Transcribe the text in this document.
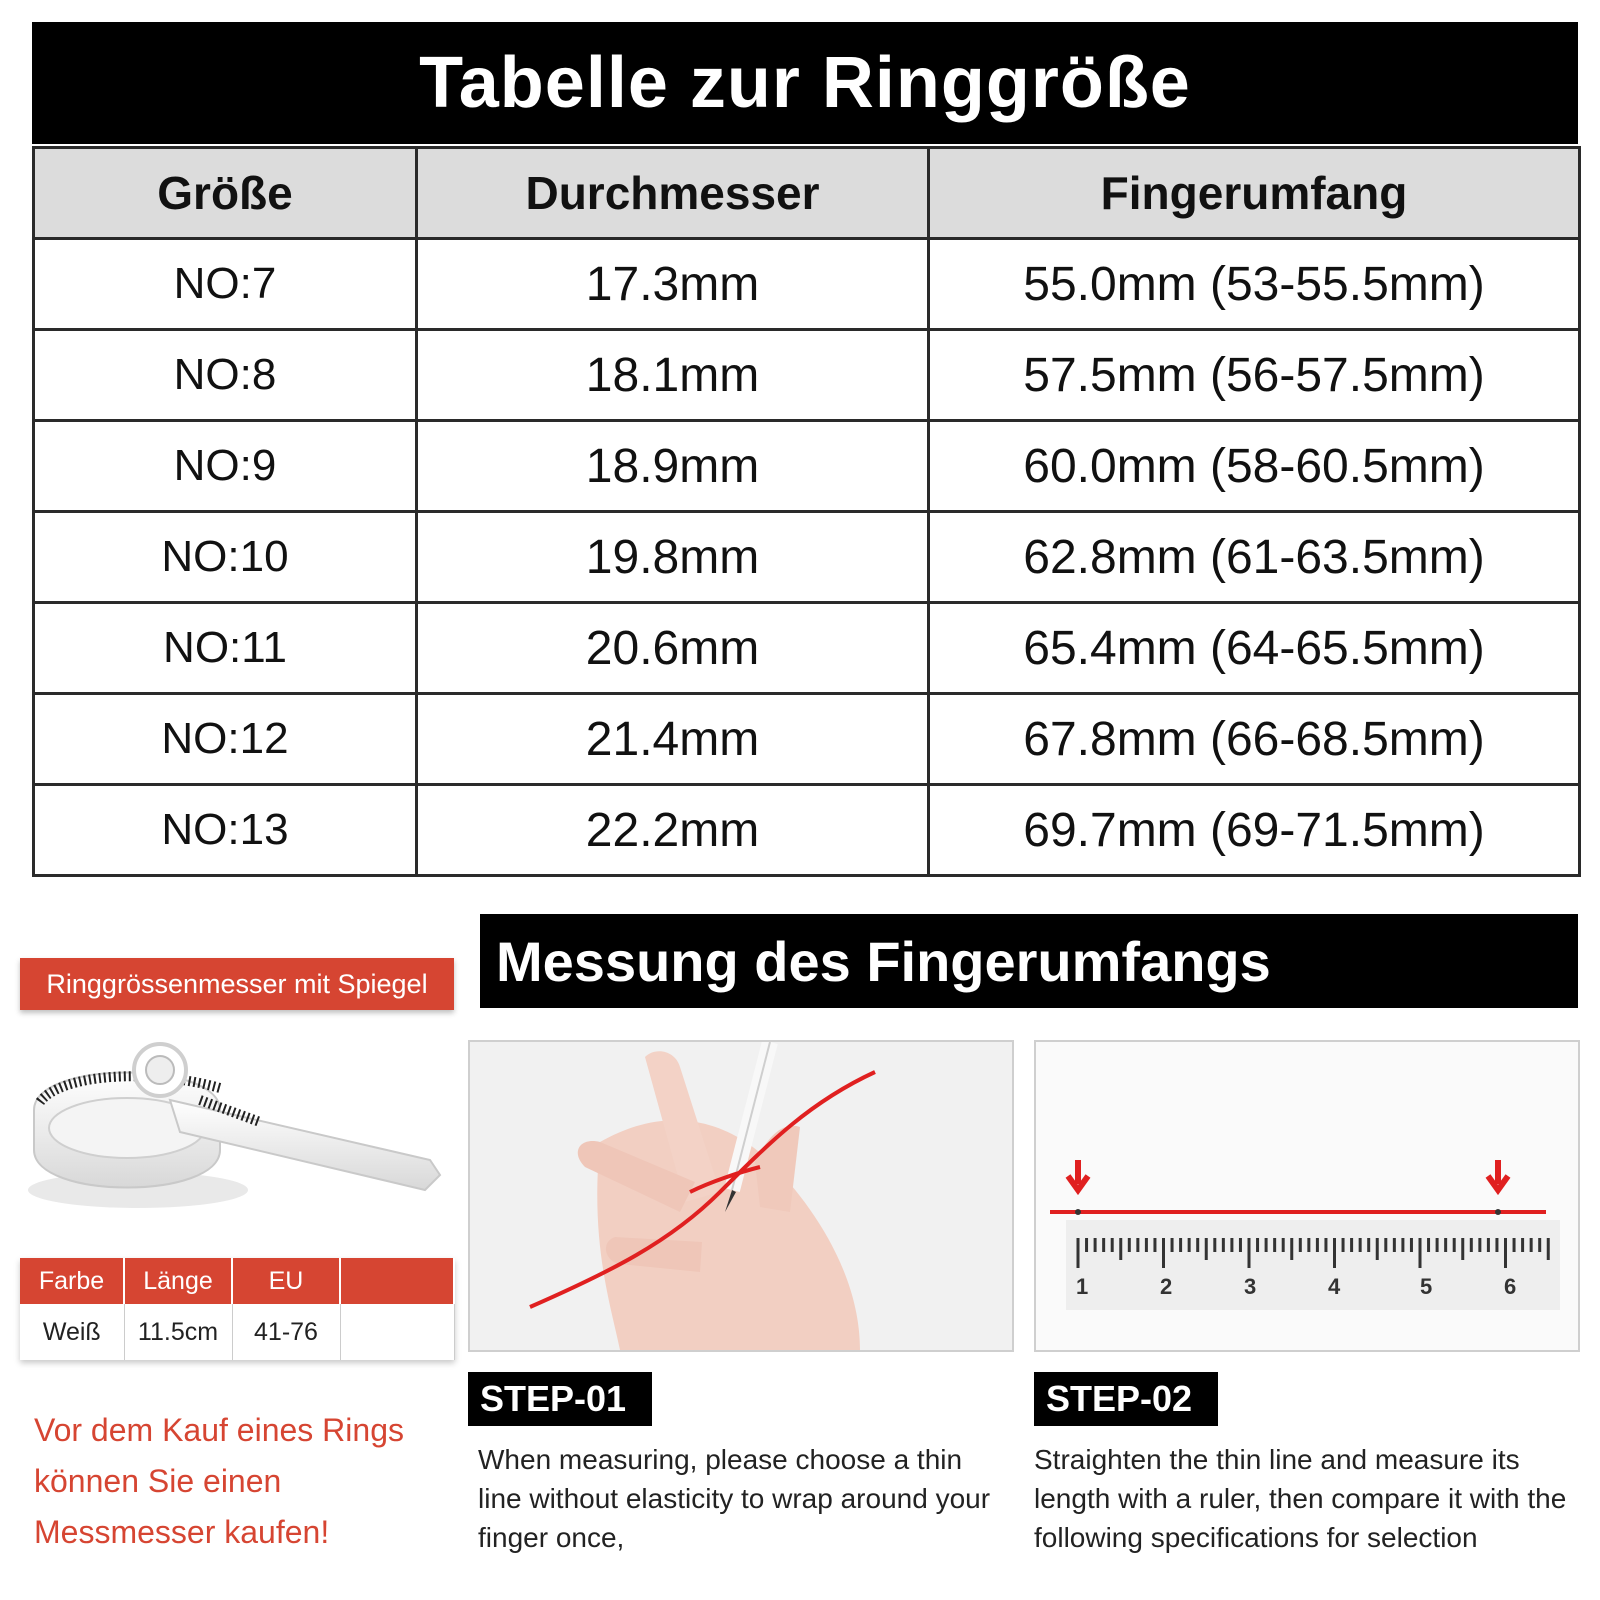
Tabelle zur Ringgröße
Größe	Durchmesser	Fingerumfang
NO:7	17.3mm	55.0mm (53-55.5mm)
NO:8	18.1mm	57.5mm (56-57.5mm)
NO:9	18.9mm	60.0mm (58-60.5mm)
NO:10	19.8mm	62.8mm (61-63.5mm)
NO:11	20.6mm	65.4mm (64-65.5mm)
NO:12	21.4mm	67.8mm (66-68.5mm)
NO:13	22.2mm	69.7mm (69-71.5mm)
Ringgrössenmesser mit Spiegel
Farbe	Länge	EU	
Weiß	11.5cm	41-76	
Vor dem Kauf eines Rings können Sie einen Messmesser kaufen!
Messung des Fingerumfangs
1	2	3	4	5	6
STEP-01	STEP-02
When measuring, please choose a thin line without elasticity to wrap around your finger once,
Straighten the thin line and measure its length with a ruler, then compare it with the following specifications for selection
